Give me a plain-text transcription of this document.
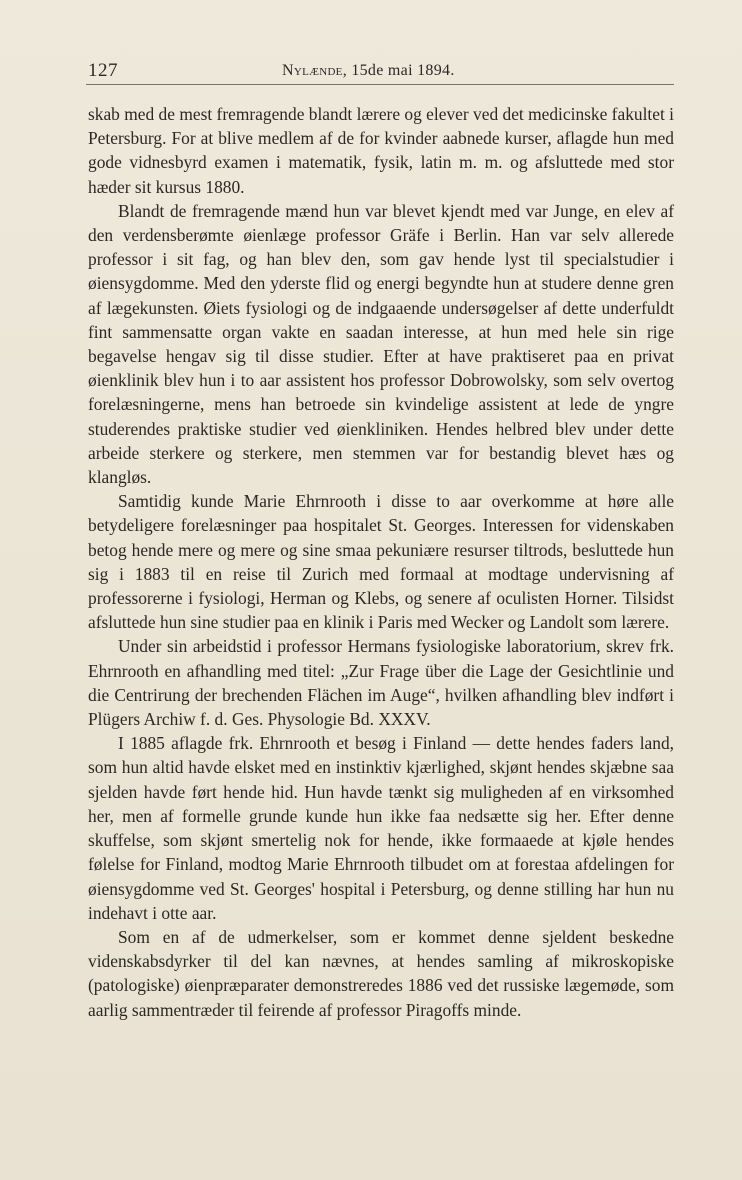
127	Nylænde, 15de mai 1894.

skab med de mest fremragende blandt lærere og elever ved det medicinske fakultet i Petersburg. For at blive medlem af de for kvinder aabnede kurser, aflagde hun med gode vidnesbyrd examen i matematik, fysik, latin m. m. og afsluttede med stor hæder sit kursus 1880.

Blandt de fremragende mænd hun var blevet kjendt med var Junge, en elev af den verdensberømte øienlæge professor Gräfe i Berlin. Han var selv allerede professor i sit fag, og han blev den, som gav hende lyst til specialstudier i øiensygdomme. Med den yderste flid og energi begyndte hun at studere denne gren af lægekunsten. Øiets fysiologi og de indgaaende undersøgelser af dette underfuldt fint sammensatte organ vakte en saadan interesse, at hun med hele sin rige begavelse hengav sig til disse studier. Efter at have praktiseret paa en privat øienklinik blev hun i to aar assistent hos professor Dobrowolsky, som selv overtog forelæsningerne, mens han betroede sin kvindelige assistent at lede de yngre studerendes praktiske studier ved øienkliniken. Hendes helbred blev under dette arbeide sterkere og sterkere, men stemmen var for bestandig blevet hæs og klangløs.

Samtidig kunde Marie Ehrnrooth i disse to aar overkomme at høre alle betydeligere forelæsninger paa hospitalet St. Georges. Interessen for videnskaben betog hende mere og mere og sine smaa pekuniære resurser tiltrods, besluttede hun sig i 1883 til en reise til Zurich med formaal at modtage undervisning af professorerne i fysiologi, Herman og Klebs, og senere af oculisten Horner. Tilsidst afsluttede hun sine studier paa en klinik i Paris med Wecker og Landolt som lærere.

Under sin arbeidstid i professor Hermans fysiologiske laboratorium, skrev frk. Ehrnrooth en afhandling med titel: „Zur Frage über die Lage der Gesichtlinie und die Centrirung der brechenden Flächen im Auge“, hvilken afhandling blev indført i Plügers Archiw f. d. Ges. Physologie Bd. XXXV.

I 1885 aflagde frk. Ehrnrooth et besøg i Finland — dette hendes faders land, som hun altid havde elsket med en instinktiv kjærlighed, skjønt hendes skjæbne saa sjelden havde ført hende hid. Hun havde tænkt sig muligheden af en virksomhed her, men af formelle grunde kunde hun ikke faa nedsætte sig her. Efter denne skuffelse, som skjønt smertelig nok for hende, ikke formaaede at kjøle hendes følelse for Finland, modtog Marie Ehrnrooth tilbudet om at forestaa afdelingen for øiensygdomme ved St. Georges' hospital i Petersburg, og denne stilling har hun nu indehavt i otte aar.

Som en af de udmerkelser, som er kommet denne sjeldent beskedne videnskabsdyrker til del kan nævnes, at hendes samling af mikroskopiske (patologiske) øienpræparater demonstreredes 1886 ved det russiske lægemøde, som aarlig sammentræder til feirende af professor Piragoffs minde.
